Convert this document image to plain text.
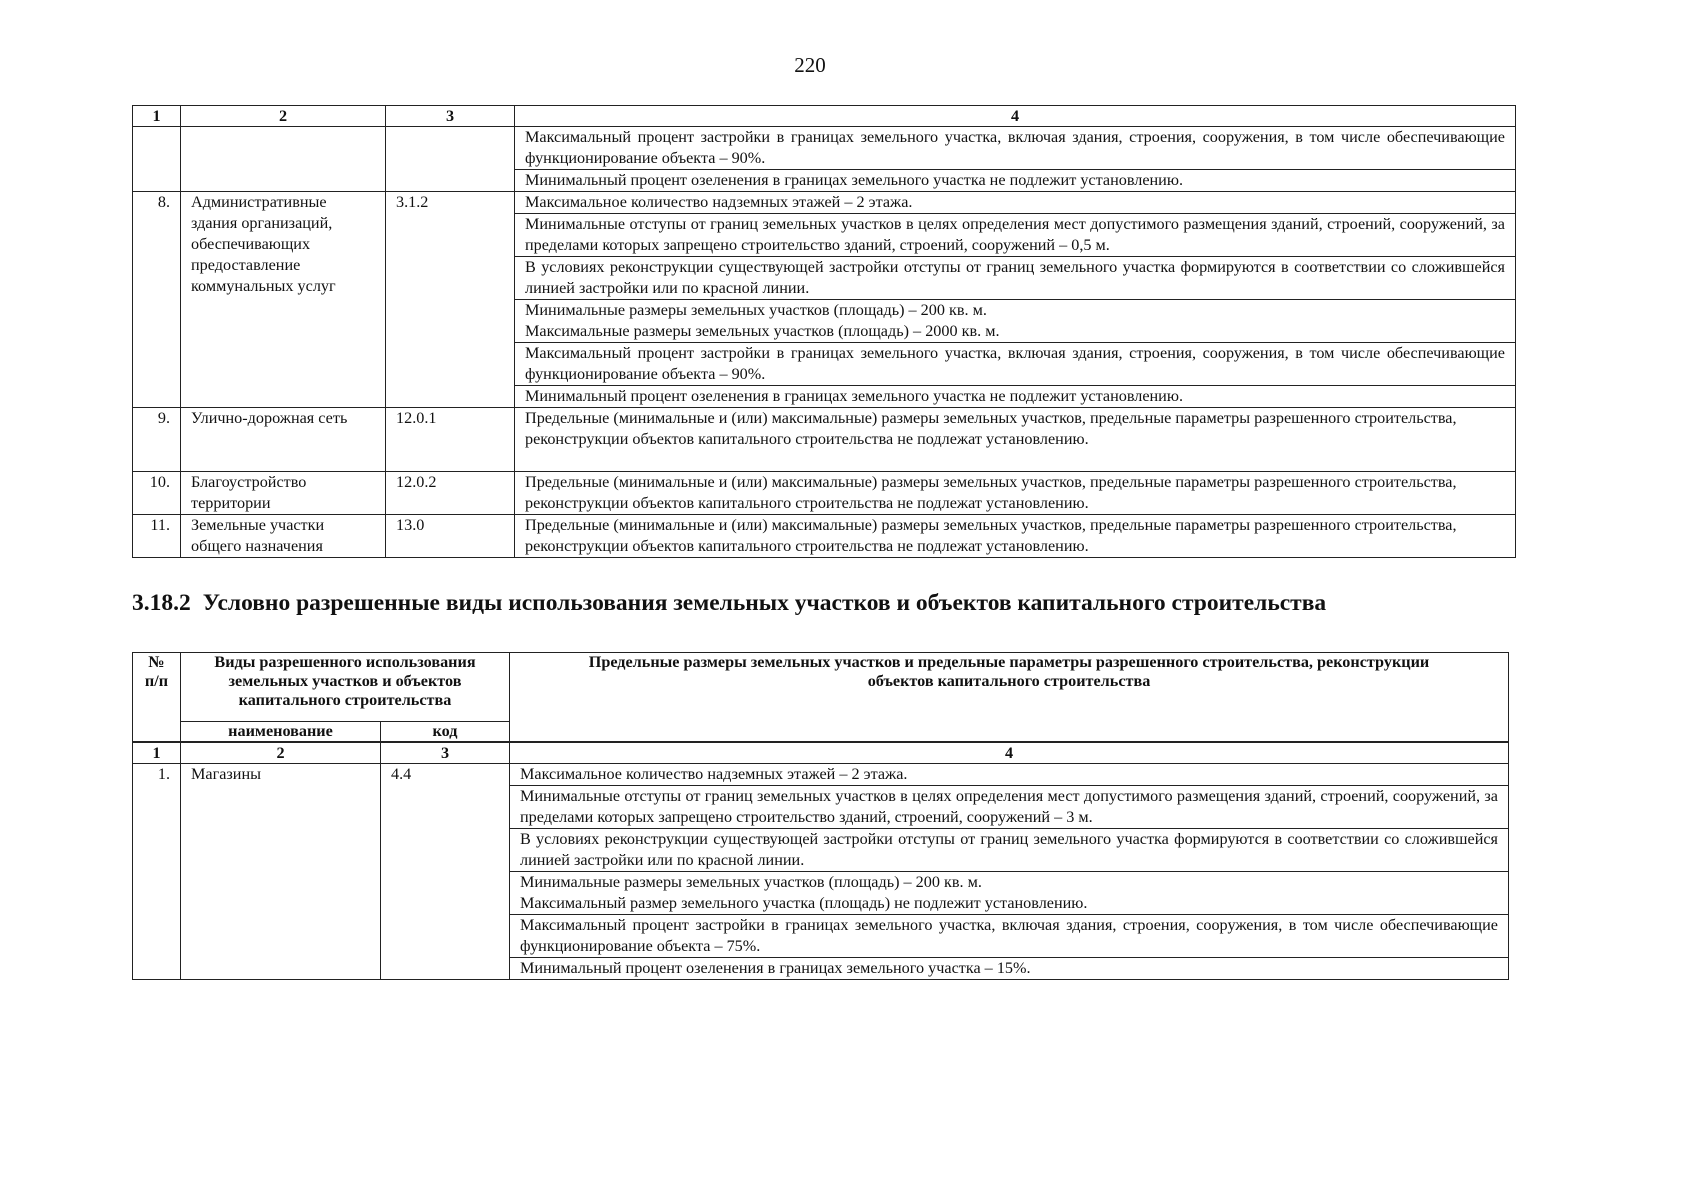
220
1	2	3	4
			Максимальный процент застройки в границах земельного участка, включая здания, строения, сооружения, в том числе обеспечивающие функционирование объекта – 90%.
			Минимальный процент озеленения в границах земельного участка не подлежит установлению.
8.	Административные здания организаций, обеспечивающих предоставление коммунальных услуг	3.1.2	Максимальное количество надземных этажей – 2 этажа.
			Минимальные отступы от границ земельных участков в целях определения мест допустимого размещения зданий, строений, сооружений, за пределами которых запрещено строительство зданий, строений, сооружений – 0,5 м.
			В условиях реконструкции существующей застройки отступы от границ земельного участка формируются в соответствии со сложившейся линией застройки или по красной линии.
			Минимальные размеры земельных участков (площадь) – 200 кв. м.
Максимальные размеры земельных участков (площадь) – 2000 кв. м.
			Максимальный процент застройки в границах земельного участка, включая здания, строения, сооружения, в том числе обеспечивающие функционирование объекта – 90%.
			Минимальный процент озеленения в границах земельного участка не подлежит установлению.
9.	Улично-дорожная сеть	12.0.1	Предельные (минимальные и (или) максимальные) размеры земельных участков, предельные параметры разрешенного строительства, реконструкции объектов капитального строительства не подлежат установлению.
10.	Благоустройство территории	12.0.2	Предельные (минимальные и (или) максимальные) размеры земельных участков, предельные параметры разрешенного строительства, реконструкции объектов капитального строительства не подлежат установлению.
11.	Земельные участки общего назначения	13.0	Предельные (минимальные и (или) максимальные) размеры земельных участков, предельные параметры разрешенного строительства, реконструкции объектов капитального строительства не подлежат установлению.
3.18.2 Условно разрешенные виды использования земельных участков и объектов капитального строительства
№ п/п	Виды разрешенного использования земельных участков и объектов капитального строительства		Предельные размеры земельных участков и предельные параметры разрешенного строительства, реконструкции объектов капитального строительства
	наименование	код	
1	2	3	4
1.	Магазины	4.4	Максимальное количество надземных этажей – 2 этажа.
			Минимальные отступы от границ земельных участков в целях определения мест допустимого размещения зданий, строений, сооружений, за пределами которых запрещено строительство зданий, строений, сооружений – 3 м.
			В условиях реконструкции существующей застройки отступы от границ земельного участка формируются в соответствии со сложившейся линией застройки или по красной линии.
			Минимальные размеры земельных участков (площадь) – 200 кв. м.
Максимальный размер земельного участка (площадь) не подлежит установлению.
			Максимальный процент застройки в границах земельного участка, включая здания, строения, сооружения, в том числе обеспечивающие функционирование объекта – 75%.
			Минимальный процент озеленения в границах земельного участка – 15%.
